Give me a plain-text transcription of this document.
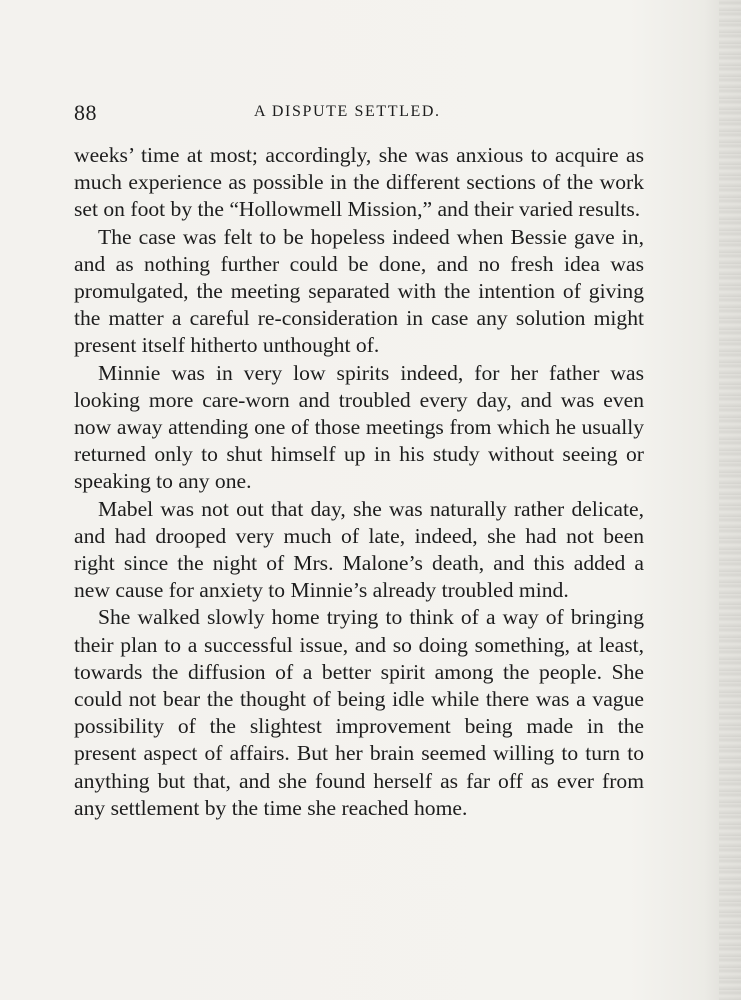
88	A DISPUTE SETTLED.

weeks’ time at most; accordingly, she was anxious to acquire as much experience as possible in the different sections of the work set on foot by the “Hollowmell Mission,” and their varied results.

The case was felt to be hopeless indeed when Bessie gave in, and as nothing further could be done, and no fresh idea was promulgated, the meeting separated with the intention of giving the matter a careful re-consideration in case any solution might present itself hitherto unthought of.

Minnie was in very low spirits indeed, for her father was looking more care-worn and troubled every day, and was even now away attending one of those meetings from which he usually returned only to shut himself up in his study without seeing or speaking to any one.

Mabel was not out that day, she was naturally rather delicate, and had drooped very much of late, indeed, she had not been right since the night of Mrs. Malone’s death, and this added a new cause for anxiety to Minnie’s already troubled mind.

She walked slowly home trying to think of a way of bringing their plan to a successful issue, and so doing something, at least, towards the diffusion of a better spirit among the people. She could not bear the thought of being idle while there was a vague possibility of the slightest improvement being made in the present aspect of affairs. But her brain seemed willing to turn to anything but that, and she found herself as far off as ever from any settlement by the time she reached home.
